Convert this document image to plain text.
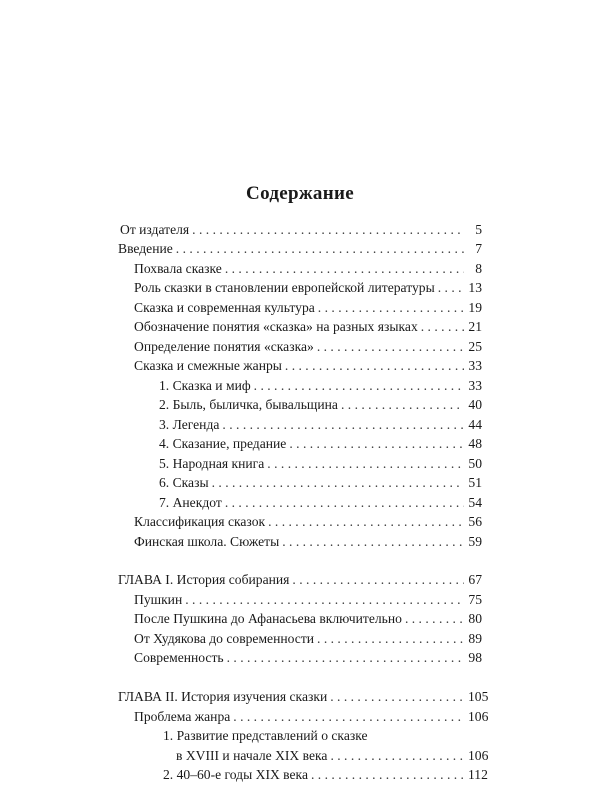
Содержание
От издателя . . .	5
Введение . . .	7
Похвала сказке . . .	8
Роль сказки в становлении европейской литературы . . .	13
Сказка и современная культура . . .	19
Обозначение понятия «сказка» на разных языках . . .	21
Определение понятия «сказка» . . .	25
Сказка и смежные жанры . . .	33
1. Сказка и миф . . .	33
2. Быль, быличка, бывальщина . . .	40
3. Легенда . . .	44
4. Сказание, предание . . .	48
5. Народная книга . . .	50
6. Сказы . . .	51
7. Анекдот . . .	54
Классификация сказок . . .	56
Финская школа. Сюжеты . . .	59
ГЛАВА I. История собирания . . .	67
Пушкин . . .	75
После Пушкина до Афанасьева включительно . . .	80
От Худякова до современности . . .	89
Современность . . .	98
ГЛАВА II. История изучения сказки . . .	105
Проблема жанра . . .	106
1. Развитие представлений о сказке
в XVIII и начале XIX века . . .	106
2. 40–60-е годы XIX века . . .	112
